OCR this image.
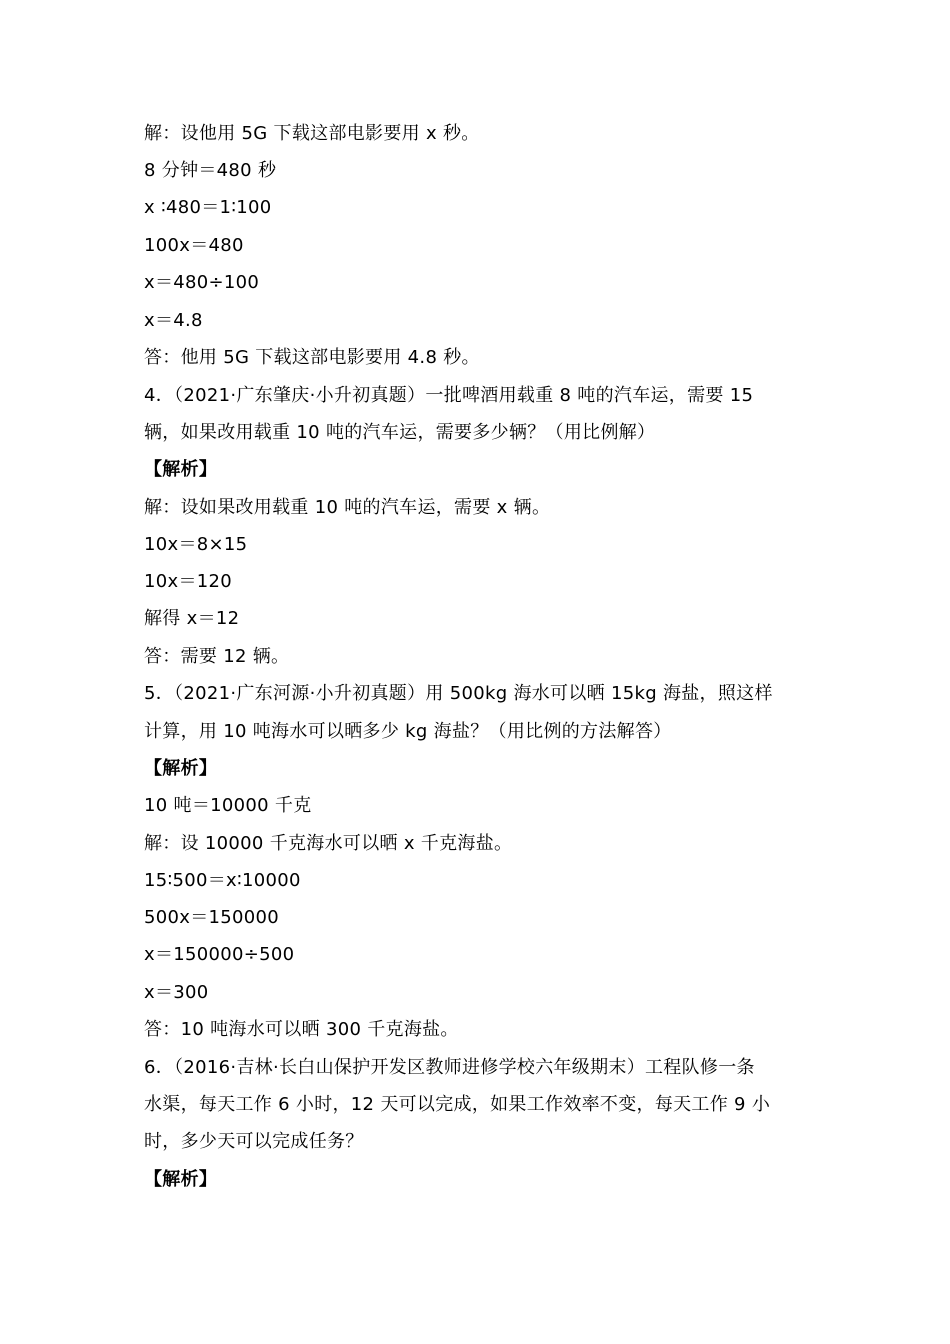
解：设他用 5G 下载这部电影要用 x 秒。
8 分钟＝480 秒
x ∶480＝1∶100
100x＝480
x＝480÷100
x＝4.8
答：他用 5G 下载这部电影要用 4.8 秒。
4．（2021·广东肇庆·小升初真题）一批啤酒用载重 8 吨的汽车运，需要 15
辆，如果改用载重 10 吨的汽车运，需要多少辆？（用比例解）
【解析】
解：设如果改用载重 10 吨的汽车运，需要 x 辆。
10x＝8×15
10x＝120
解得 x＝12
答：需要 12 辆。
5．（2021·广东河源·小升初真题）用 500kg 海水可以晒 15kg 海盐，照这样
计算，用 10 吨海水可以晒多少 kg 海盐？（用比例的方法解答）
【解析】
10 吨＝10000 千克
解：设 10000 千克海水可以晒 x 千克海盐。
15∶500＝x∶10000
500x＝150000
x＝150000÷500
x＝300
答：10 吨海水可以晒 300 千克海盐。
6．（2016·吉林·长白山保护开发区教师进修学校六年级期末）工程队修一条
水渠，每天工作 6 小时，12 天可以完成，如果工作效率不变，每天工作 9 小
时，多少天可以完成任务？
【解析】
